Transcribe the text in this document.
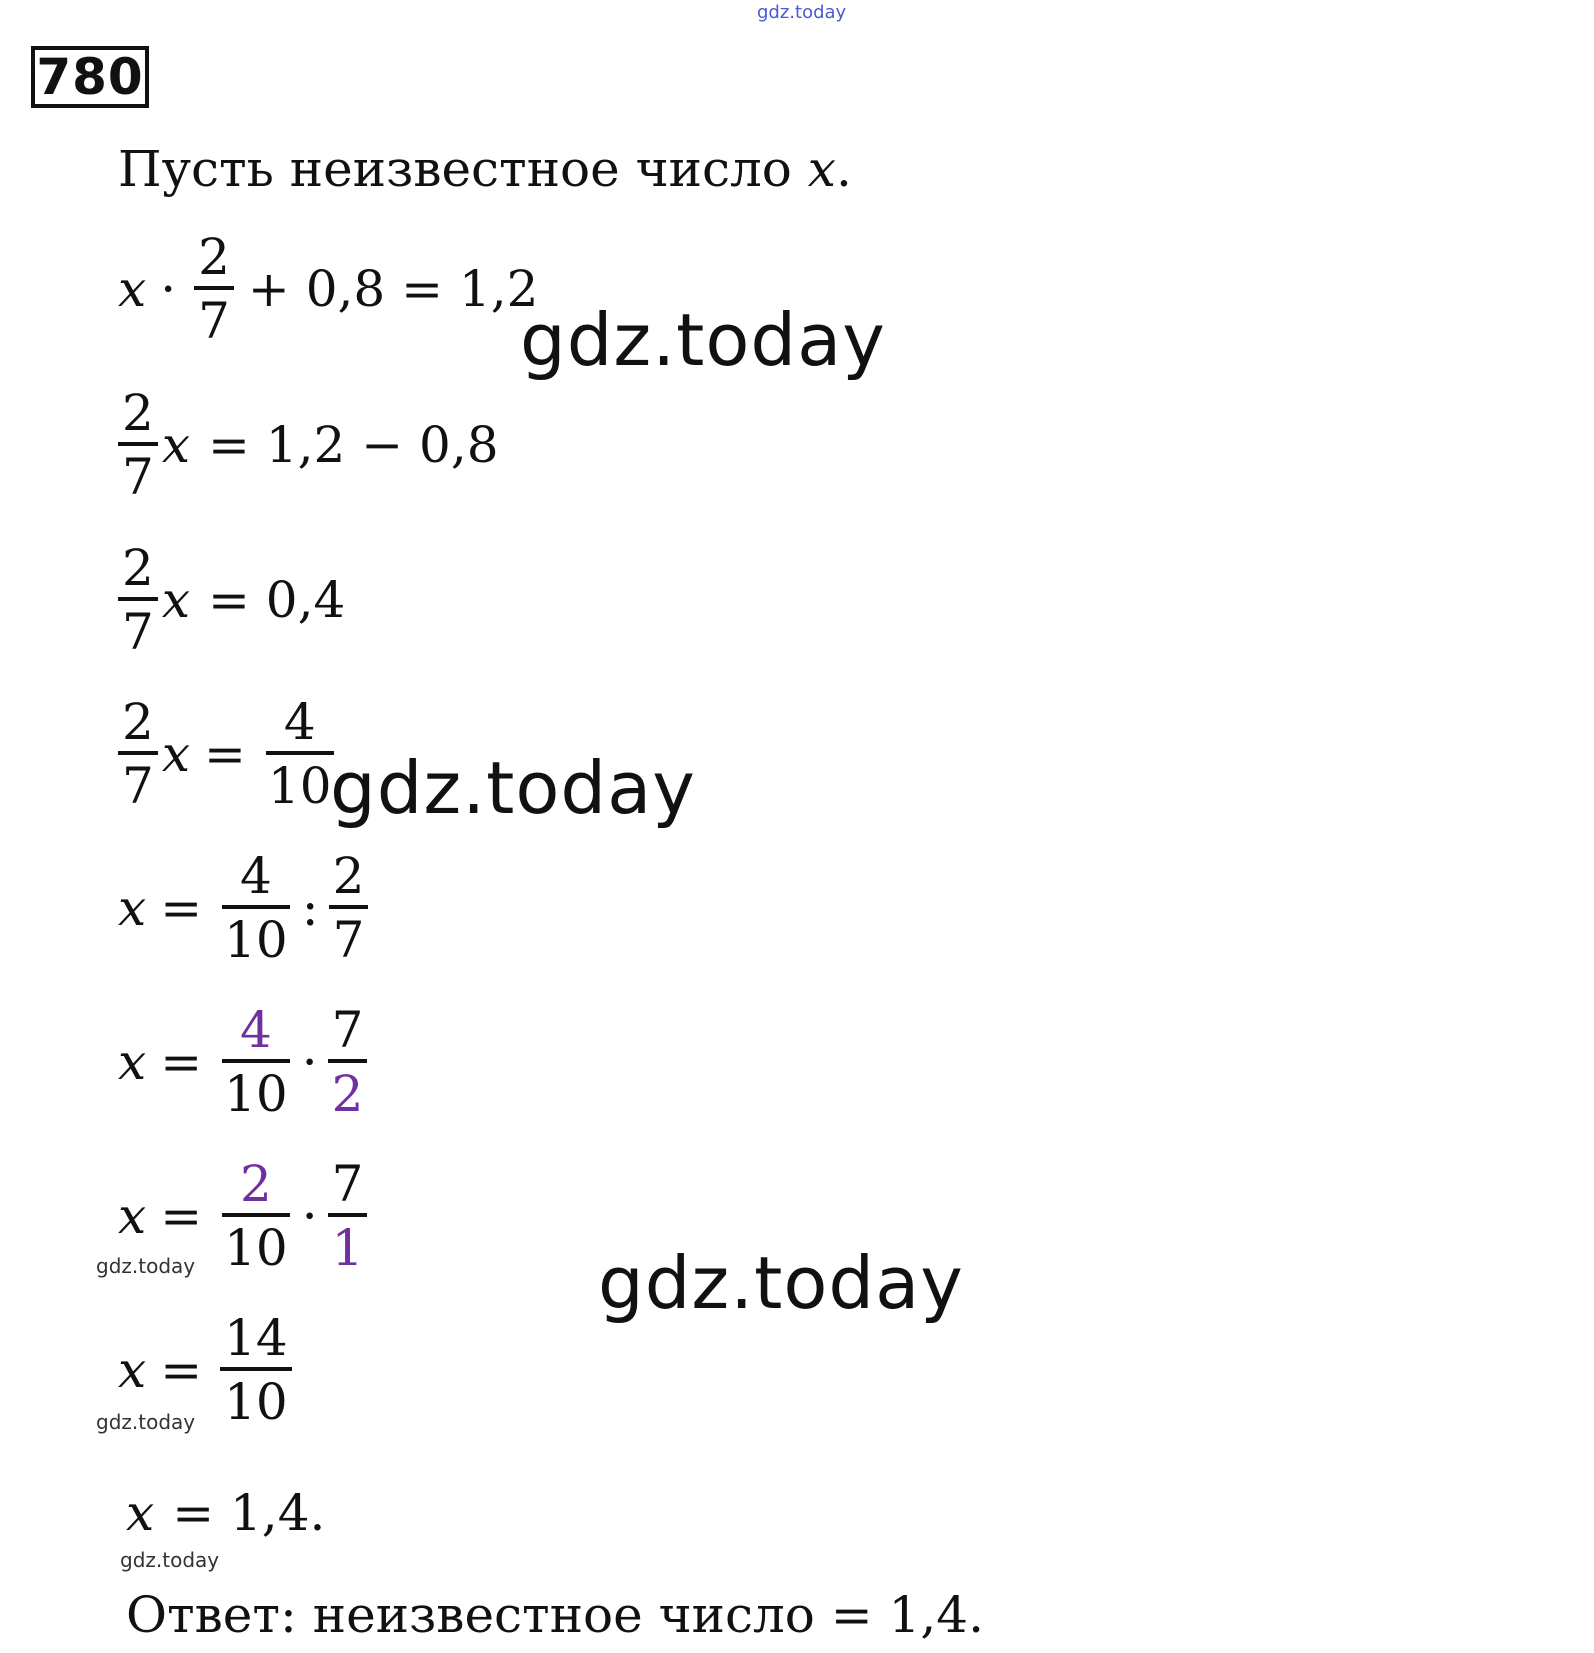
gdz.today
780
Пусть неизвестное число x.
$x \cdot \frac{2}{7} + 0,8 = 1,2$
gdz.today
$\frac{2}{7}$ x = 1,2 − 0,8
$\frac{2}{7}$ x = 0,4
$\frac{2}{7}$ $x = \frac{4}{10}$
gdz.today
$x = \frac{4}{10}$ : $\frac{2}{7}$
$x = \frac{4}{10} \cdot \frac{7}{2}$
$x = \frac{2}{10} \cdot \frac{7}{1}$
gdz.today	gdz.today
$x = \frac{14}{10}$
gdz.today
x = 1,4.
gdz.today
Ответ: неизвестное число = 1,4.
